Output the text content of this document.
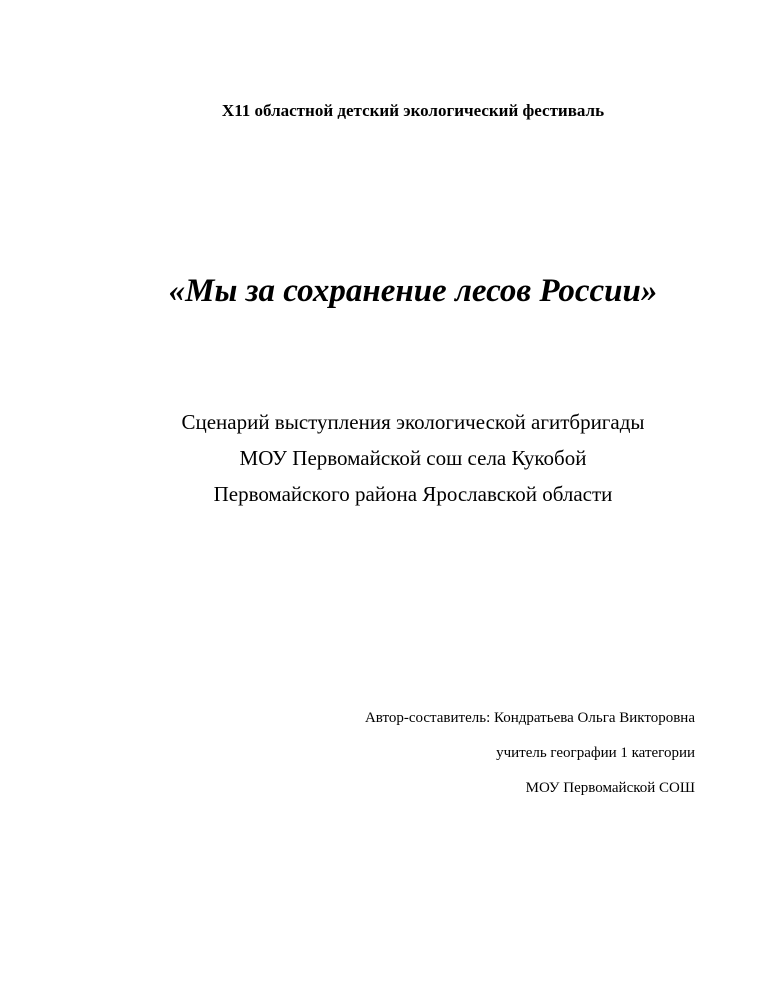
X11 областной детский экологический фестиваль
«Мы за сохранение лесов России»
Сценарий выступления экологической агитбригады
МОУ Первомайской сош села Кукобой
Первомайского района Ярославской области
Автор-составитель: Кондратьева Ольга Викторовна
учитель географии 1 категории
МОУ Первомайской СОШ
